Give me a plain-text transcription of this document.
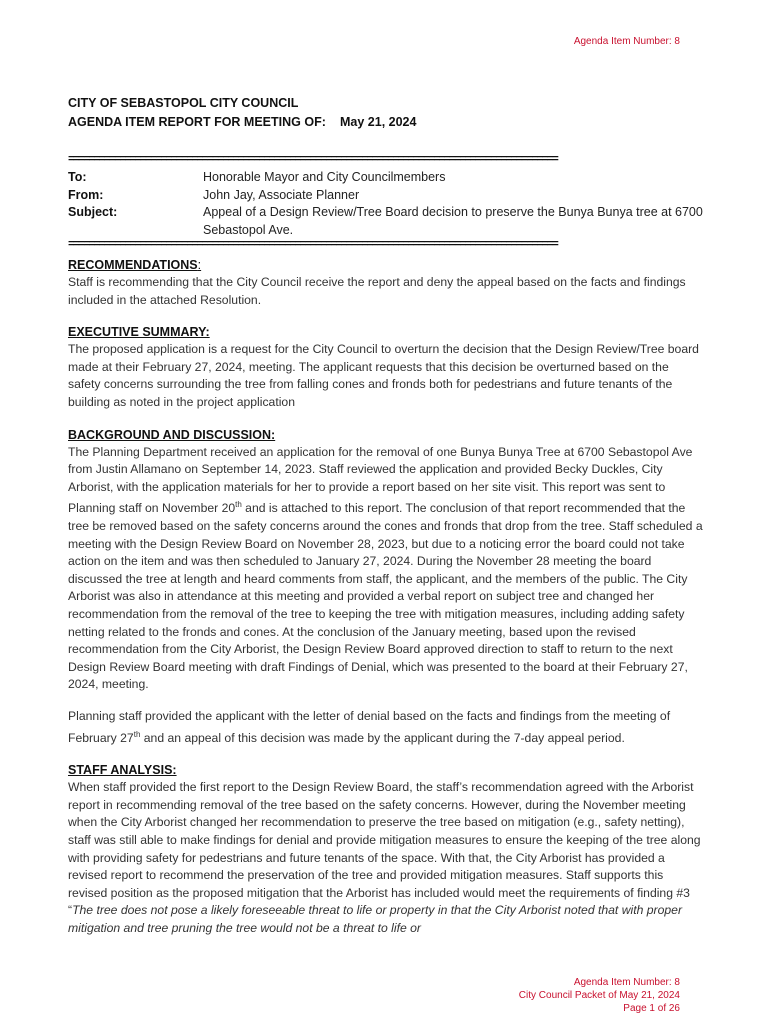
Agenda Item Number: 8
CITY OF SEBASTOPOL CITY COUNCIL
AGENDA ITEM REPORT FOR MEETING OF:	May 21, 2024
===============================================================================================
To:	Honorable Mayor and City Councilmembers
From:	John Jay, Associate Planner
Subject:	Appeal of a Design Review/Tree Board decision to preserve the Bunya Bunya tree at 6700 Sebastopol Ave.
===============================================================================================
RECOMMENDATIONS:

Staff is recommending that the City Council receive the report and deny the appeal based on the facts and findings included in the attached Resolution.

EXECUTIVE SUMMARY:

The proposed application is a request for the City Council to overturn the decision that the Design Review/Tree board made at their February 27, 2024, meeting. The applicant requests that this decision be overturned based on the safety concerns surrounding the tree from falling cones and fronds both for pedestrians and future tenants of the building as noted in the project application

BACKGROUND AND DISCUSSION:

The Planning Department received an application for the removal of one Bunya Bunya Tree at 6700 Sebastopol Ave from Justin Allamano on September 14, 2023. Staff reviewed the application and provided Becky Duckles, City Arborist, with the application materials for her to provide a report based on her site visit. This report was sent to Planning staff on November 20th and is attached to this report. The conclusion of that report recommended that the tree be removed based on the safety concerns around the cones and fronds that drop from the tree. Staff scheduled a meeting with the Design Review Board on November 28, 2023, but due to a noticing error the board could not take action on the item and was then scheduled to January 27, 2024. During the November 28 meeting the board discussed the tree at length and heard comments from staff, the applicant, and the members of the public. The City Arborist was also in attendance at this meeting and provided a verbal report on subject tree and changed her recommendation from the removal of the tree to keeping the tree with mitigation measures, including adding safety netting related to the fronds and cones. At the conclusion of the January meeting, based upon the revised recommendation from the City Arborist, the Design Review Board approved direction to staff to return to the next Design Review Board meeting with draft Findings of Denial, which was presented to the board at their February 27, 2024, meeting.

Planning staff provided the applicant with the letter of denial based on the facts and findings from the meeting of February 27th and an appeal of this decision was made by the applicant during the 7-day appeal period.

STAFF ANALYSIS:

When staff provided the first report to the Design Review Board, the staff’s recommendation agreed with the Arborist report in recommending removal of the tree based on the safety concerns. However, during the November meeting when the City Arborist changed her recommendation to preserve the tree based on mitigation (e.g., safety netting), staff was still able to make findings for denial and provide mitigation measures to ensure the keeping of the tree along with providing safety for pedestrians and future tenants of the space. With that, the City Arborist has provided a revised report to recommend the preservation of the tree and provided mitigation measures. Staff supports this revised position as the proposed mitigation that the Arborist has included would meet the requirements of finding #3 “The tree does not pose a likely foreseeable threat to life or property in that the City Arborist noted that with proper mitigation and tree pruning the tree would not be a threat to life or

Agenda Item Number: 8
City Council Packet of May 21, 2024
Page 1 of 26
